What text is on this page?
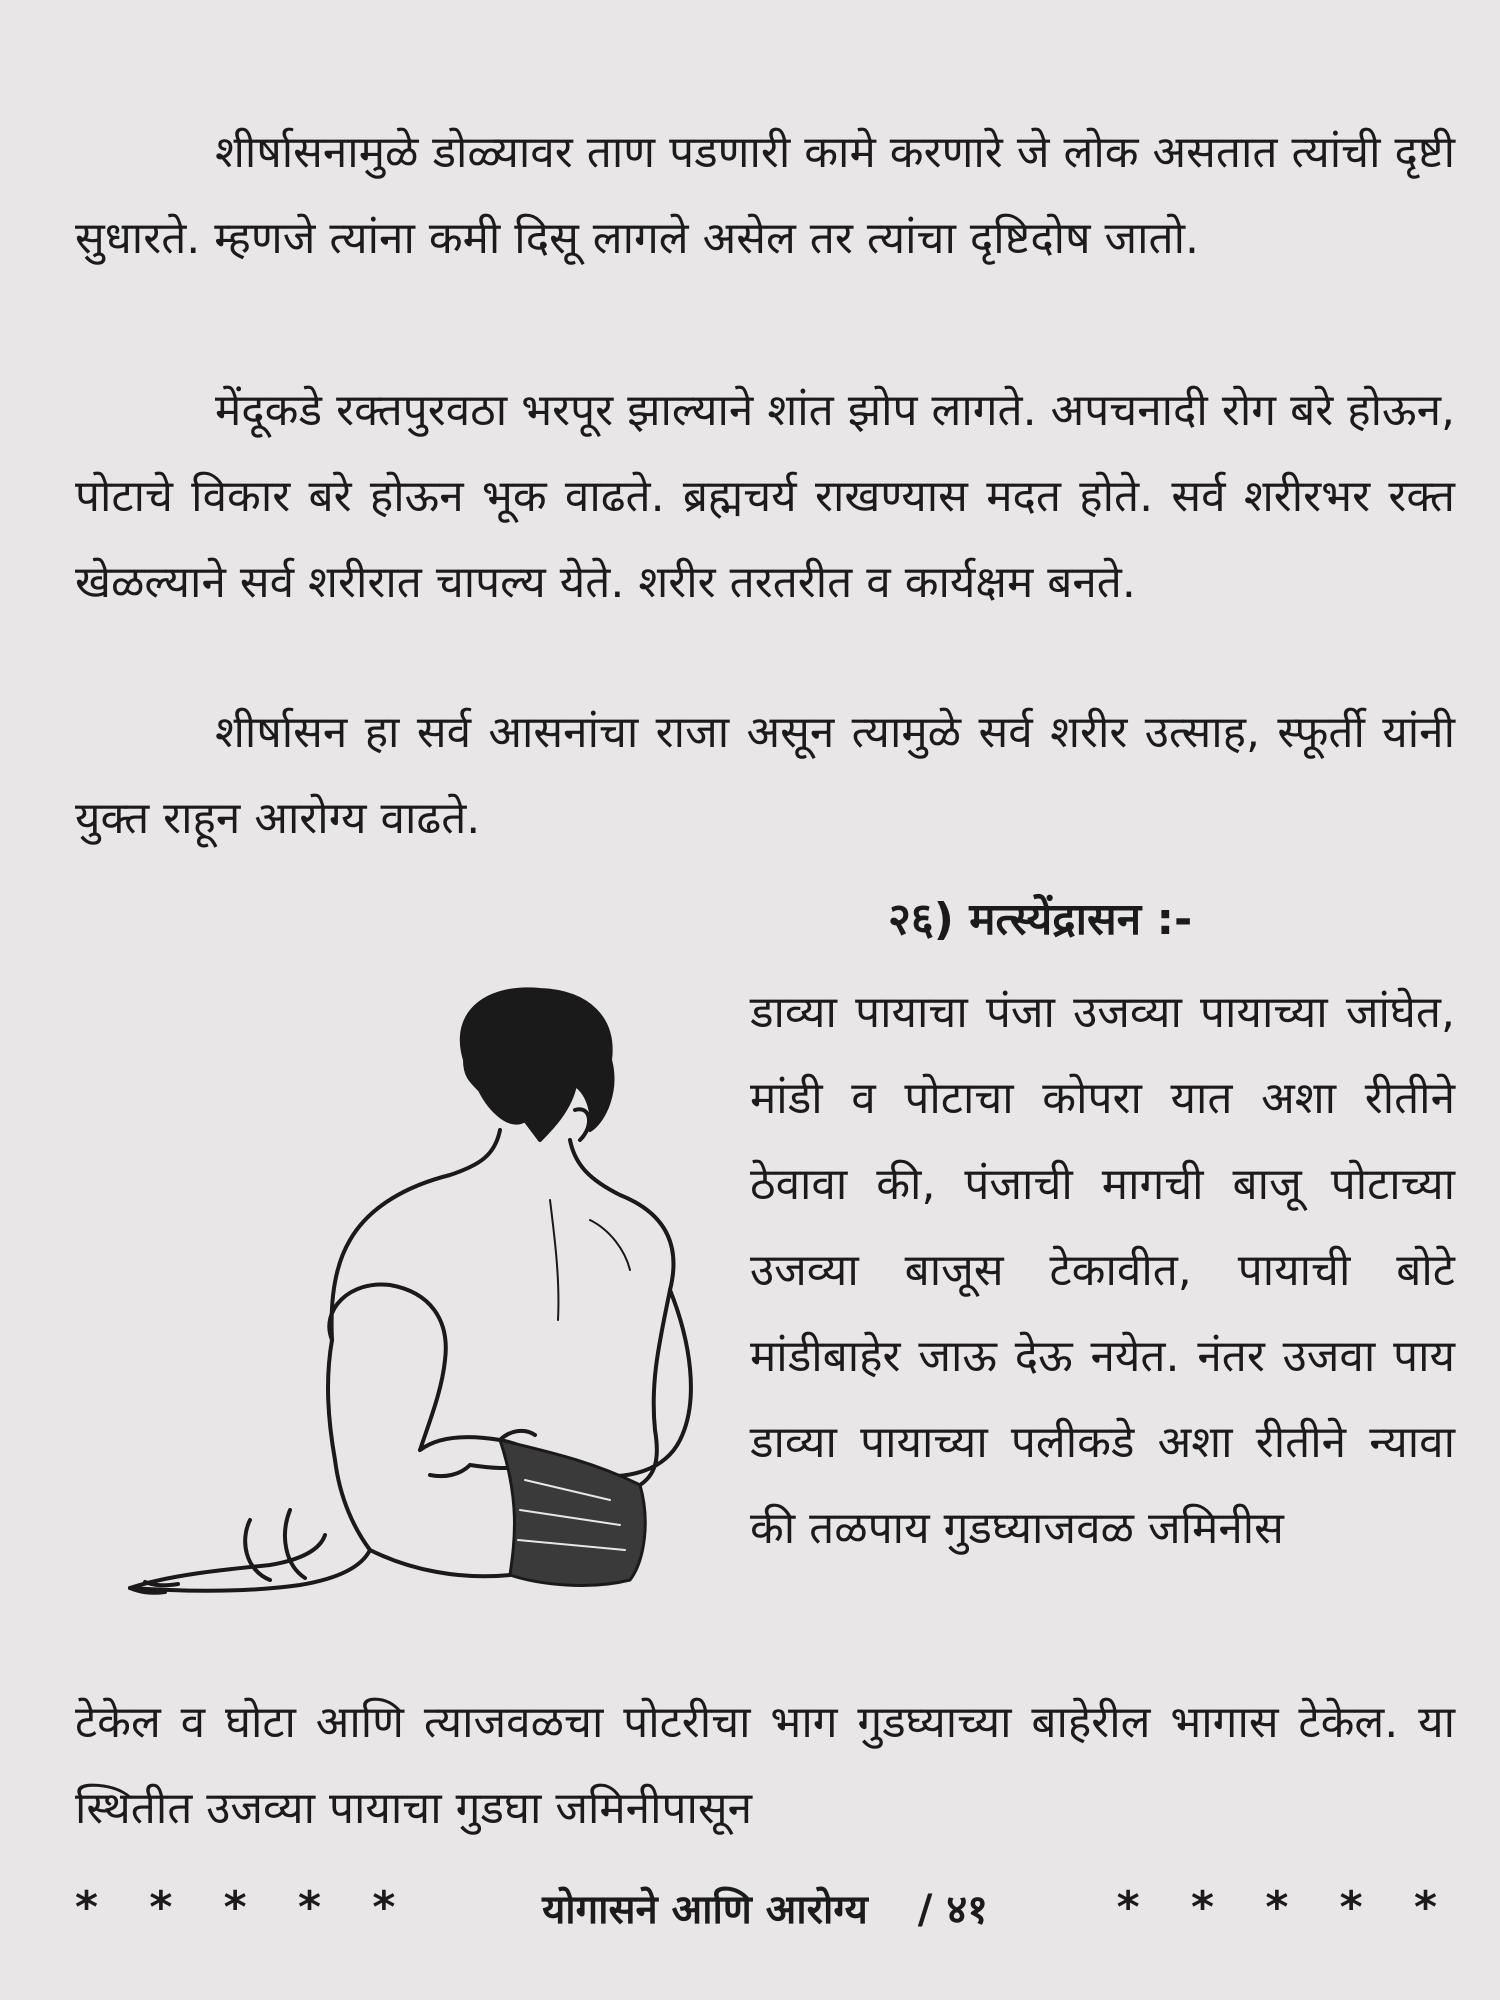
शीर्षासनामुळे डोळ्यावर ताण पडणारी कामे करणारे जे लोक असतात त्यांची दृष्टी सुधारते. म्हणजे त्यांना कमी दिसू लागले असेल तर त्यांचा दृष्टिदोष जातो.

मेंदूकडे रक्तपुरवठा भरपूर झाल्याने शांत झोप लागते. अपचनादी रोग बरे होऊन, पोटाचे विकार बरे होऊन भूक वाढते. ब्रह्मचर्य राखण्यास मदत होते. सर्व शरीरभर रक्त खेळल्याने सर्व शरीरात चापल्य येते. शरीर तरतरीत व कार्यक्षम बनते.

शीर्षासन हा सर्व आसनांचा राजा असून त्यामुळे सर्व शरीर उत्साह, स्फूर्ती यांनी युक्त राहून आरोग्य वाढते.

२६) मत्स्येंद्रासन :-

डाव्या पायाचा पंजा उजव्या पायाच्या जांघेत, मांडी व पोटाचा कोपरा यात अशा रीतीने ठेवावा की, पंजाची मागची बाजू पोटाच्या उजव्या बाजूस टेकावीत, पायाची बोटे मांडीबाहेर जाऊ देऊ नयेत. नंतर उजवा पाय डाव्या पायाच्या पलीकडे अशा रीतीने न्यावा की तळपाय गुडघ्याजवळ जमिनीस

टेकेल व घोटा आणि त्याजवळचा पोटरीचा भाग गुडघ्याच्या बाहेरील भागास टेकेल. या स्थितीत उजव्या पायाचा गुडघा जमिनीपासून

* * * * *	योगासने आणि आरोग्य / ४१	* * * * *
